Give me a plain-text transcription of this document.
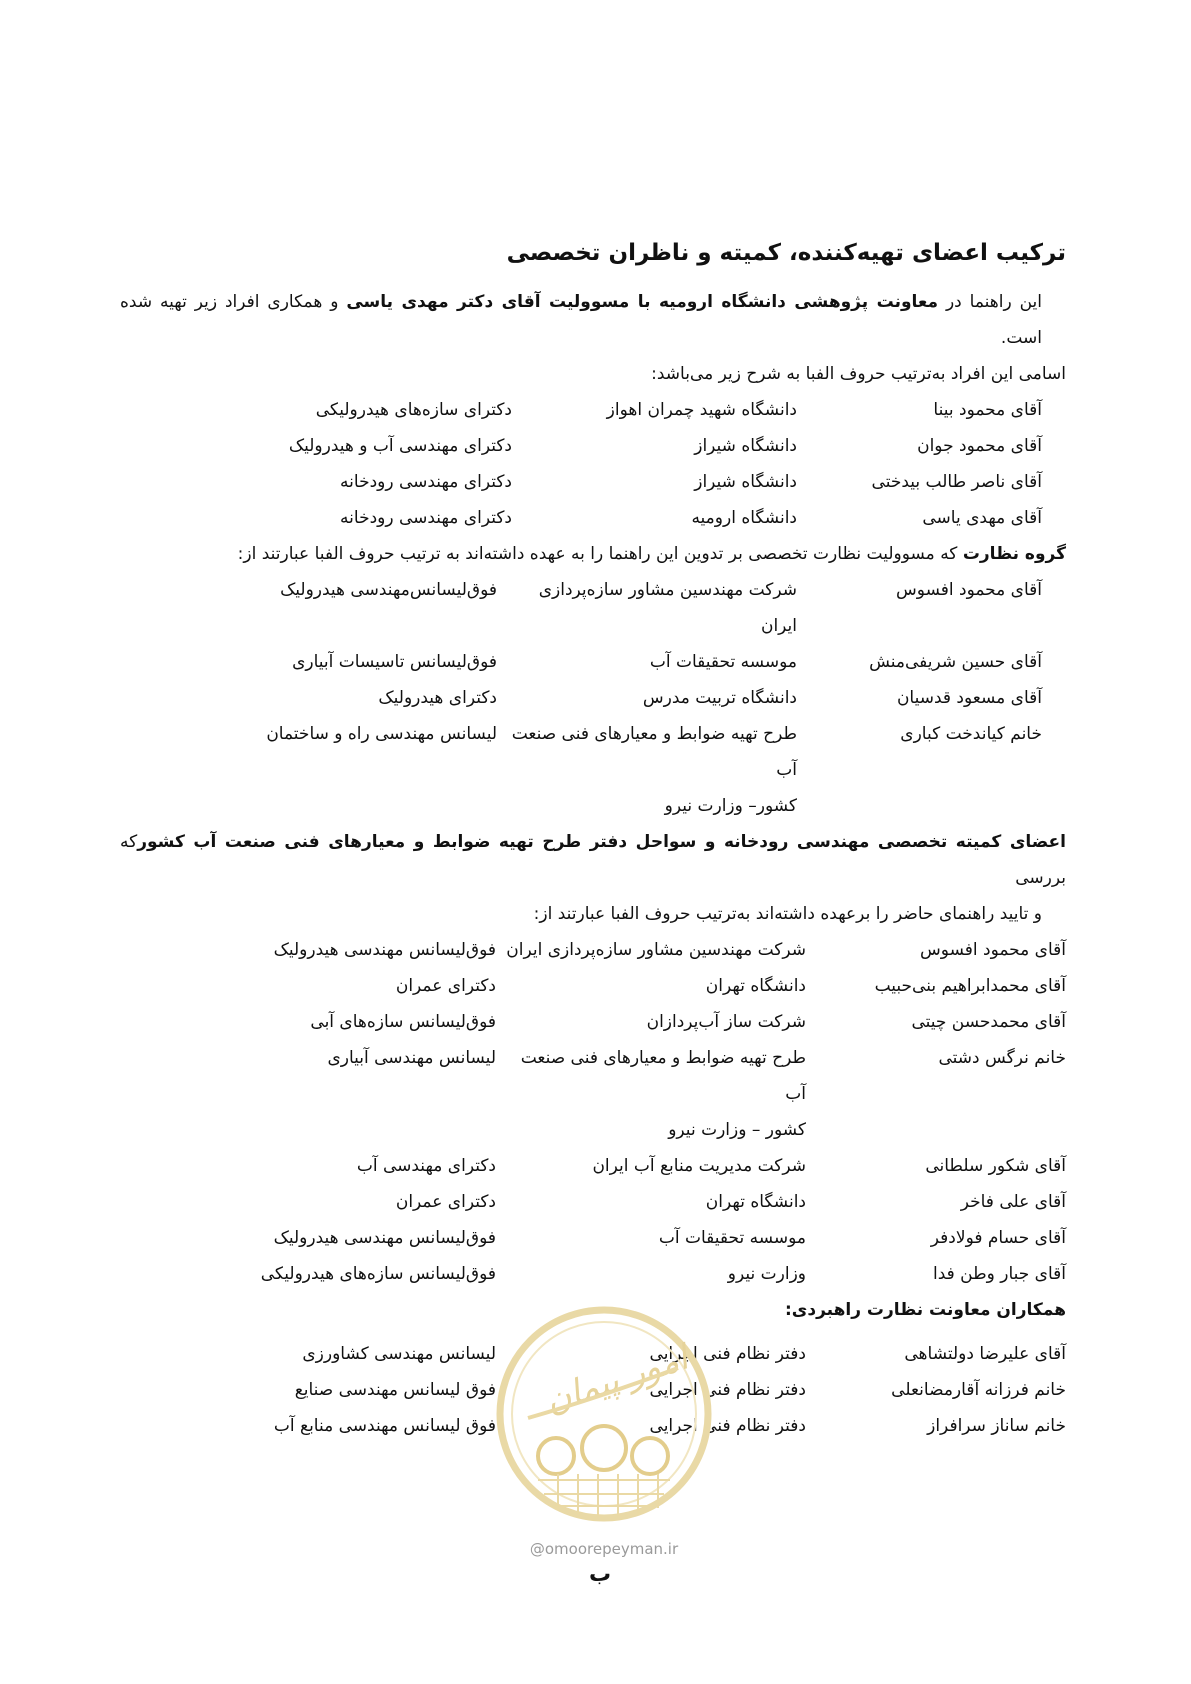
ترکیب اعضای تهیه‌کننده، کمیته و ناظران تخصصی

این راهنما در معاونت پژوهشی دانشگاه ارومیه با مسوولیت آقای دکتر مهدی یاسی و همکاری افراد زیر تهیه شده است.

اسامی این افراد به‌ترتیب حروف الفبا به شرح زیر می‌باشد:

آقای محمود بینا
دانشگاه شهید چمران اهواز
دکترای سازه‌های هیدرولیکی
آقای محمود جوان
دانشگاه شیراز
دکترای مهندسی آب و هیدرولیک
آقای ناصر طالب بیدختی
دانشگاه شیراز
دکترای مهندسی رودخانه
آقای مهدی یاسی
دانشگاه ارومیه
دکترای مهندسی رودخانه

گروه نظارت که مسوولیت نظارت تخصصی بر تدوین این راهنما را به عهده داشته‌اند به ترتیب حروف الفبا عبارتند از:

آقای محمود افسوس
شرکت مهندسین مشاور سازه‌پردازی ایران
فوق‌لیسانس‌مهندسی هیدرولیک
آقای حسین شریفی‌منش
موسسه تحقیقات آب
فوق‌لیسانس تاسیسات آبیاری
آقای مسعود قدسیان
دانشگاه تربیت مدرس
دکترای هیدرولیک
خانم کیاندخت کباری
طرح تهیه ضوابط و معیارهای فنی صنعت آب
کشور– وزارت نیرو
لیسانس مهندسی راه و ساختمان

اعضای کمیته تخصصی مهندسی رودخانه و سواحل دفتر طرح تهیه ضوابط و معیارهای فنی صنعت آب کشورکه بررسی

و تایید راهنمای حاضر را برعهده داشته‌اند به‌ترتیب حروف الفبا عبارتند از:

آقای محمود افسوس
شرکت مهندسین مشاور سازه‌پردازی ایران
فوق‌لیسانس مهندسی هیدرولیک
آقای محمدابراهیم بنی‌حبیب
دانشگاه تهران
دکترای عمران
آقای محمدحسن چیتی
شرکت ساز آب‌پردازان
فوق‌لیسانس سازه‌های آبی
خانم نرگس دشتی
طرح تهیه ضوابط و معیارهای فنی صنعت آب
کشور – وزارت نیرو
لیسانس مهندسی آبیاری
آقای شکور سلطانی
شرکت مدیریت منابع آب ایران
دکترای مهندسی آب
آقای علی فاخر
دانشگاه تهران
دکترای عمران
آقای حسام فولادفر
موسسه تحقیقات آب
فوق‌لیسانس مهندسی هیدرولیک
آقای جبار وطن فدا
وزارت نیرو
فوق‌لیسانس سازه‌های هیدرولیکی

همکاران معاونت نظارت راهبردی:

آقای علیرضا دولتشاهی
دفتر نظام فنی اجرایی
لیسانس مهندسی کشاورزی
خانم فرزانه آقارمضانعلی
دفتر نظام فنی اجرایی
فوق لیسانس مهندسی صنایع
خانم ساناز سرافراز
دفتر نظام فنی اجرایی
فوق لیسانس مهندسی منابع آب
امور پیمان
@omoorepeyman.ir
ب
